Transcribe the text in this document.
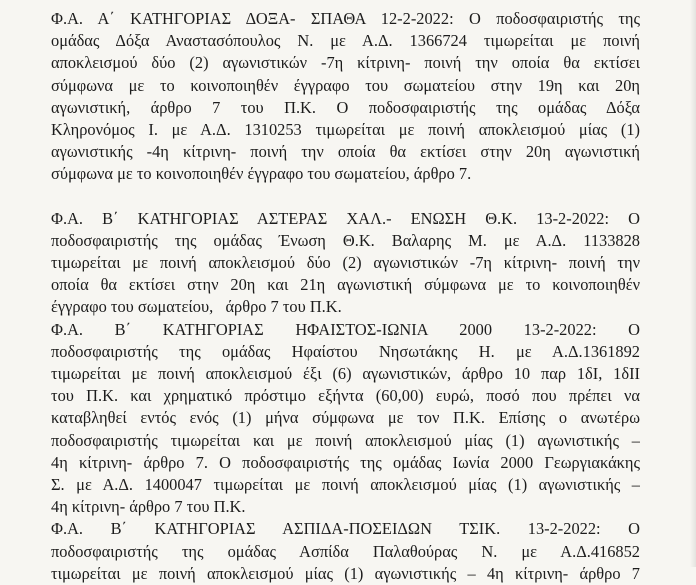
Φ.Α. Α΄ ΚΑΤΗΓΟΡΙΑΣ ΔΟΞΑ- ΣΠΑΘΑ 12-2-2022: Ο ποδοσφαιριστής της
ομάδας Δόξα Αναστασόπουλος Ν. με Α.Δ. 1366724 τιμωρείται με ποινή
αποκλεισμού δύο (2) αγωνιστικών -7η κίτρινη- ποινή την οποία θα εκτίσει
σύμφωνα με το κοινοποιηθέν έγγραφο του σωματείου στην 19η και 20η
αγωνιστική, άρθρο 7 του Π.Κ. Ο ποδοσφαιριστής της ομάδας Δόξα
Κληρονόμος Ι. με Α.Δ. 1310253 τιμωρείται με ποινή αποκλεισμού μίας (1)
αγωνιστικής -4η κίτρινη- ποινή την οποία θα εκτίσει στην 20η αγωνιστική
σύμφωνα με το κοινοποιηθέν έγγραφο του σωματείου, άρθρο 7.
Φ.Α. Β΄ ΚΑΤΗΓΟΡΙΑΣ ΑΣΤΕΡΑΣ ΧΑΛ.- ΕΝΩΣΗ Θ.Κ. 13-2-2022: Ο
ποδοσφαιριστής της ομάδας Ένωση Θ.Κ. Βαλαρης Μ. με Α.Δ. 1133828
τιμωρείται με ποινή αποκλεισμού δύο (2) αγωνιστικών -7η κίτρινη- ποινή την
οποία θα εκτίσει στην 20η και 21η αγωνιστική σύμφωνα με το κοινοποιηθέν
έγγραφο του σωματείου,   άρθρο 7 του Π.Κ.
Φ.Α. Β΄ ΚΑΤΗΓΟΡΙΑΣ ΗΦΑΙΣΤΟΣ-ΙΩΝΙΑ 2000 13-2-2022: Ο
ποδοσφαιριστής της ομάδας Ηφαίστου Νησωτάκης Η. με Α.Δ.1361892
τιμωρείται με ποινή αποκλεισμού έξι (6) αγωνιστικών, άρθρο 10 παρ 1δΙ, 1δΙΙ
του Π.Κ. και χρηματικό πρόστιμο εξήντα (60,00) ευρώ, ποσό που πρέπει να
καταβληθεί εντός ενός (1) μήνα σύμφωνα με τον Π.Κ. Επίσης ο ανωτέρω
ποδοσφαιριστής τιμωρείται και με ποινή αποκλεισμού μίας (1) αγωνιστικής –
4η κίτρινη- άρθρο 7. Ο ποδοσφαιριστής της ομάδας Ιωνία 2000 Γεωργιακάκης
Σ. με Α.Δ. 1400047 τιμωρείται με ποινή αποκλεισμού μίας (1) αγωνιστικής –
4η κίτρινη- άρθρο 7 του Π.Κ.
Φ.Α. Β΄ ΚΑΤΗΓΟΡΙΑΣ ΑΣΠΙΔΑ-ΠΟΣΕΙΔΩΝ ΤΣΙΚ. 13-2-2022: Ο
ποδοσφαιριστής της ομάδας Ασπίδα Παλαθούρας Ν. με Α.Δ.416852
τιμωρείται με ποινή αποκλεισμού μίας (1) αγωνιστικής – 4η κίτρινη- άρθρο 7
